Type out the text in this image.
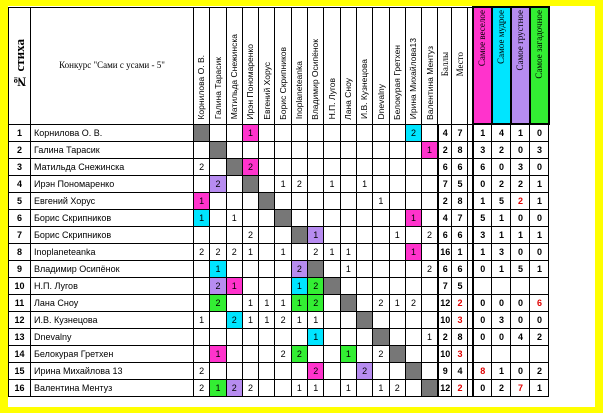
№ стиха	Конкурс "Сами с усами - 5"	Корнилова О. В.	Галина Тарасик	Матильда Снежинска	Ирэн Пономаренко	Евгений Хорус	Борис Скрипников	Inoplaneteanka	Владимир Осипёнок	Н.П. Лугов	Лана Сноу	И.В. Кузнецова	Dnevalny	Белокурая Гретхен	Ирина Михайлова13	Валентина Ментуз	Баллы	Место		Самое веселое	Самое мудрое	Самое грустное	Самое загадочное
1	Корнилова О. В.				1										2		4	7		1	4	1	0
2	Галина Тарасик															1	2	8		3	2	0	3
3	Матильда Снежинска	2			2												6	6		6	0	3	0
4	Ирэн Пономаренко		2				1	2		1		1					7	5		0	2	2	1
5	Евгений Хорус	1											1				2	8		1	5	2	1
6	Борис Скрипников	1		1											1		4	7		5	1	0	0
7	Борис Скрипников				2				1					1		2	6	6		3	1	1	1
8	Inoplaneteanka	2	2	2	1		1		2	1	1				1		16	1		1	3	0	0
9	Владимир Осипёнок		1					2			1					2	6	6		0	1	5	1
10	Н.П. Лугов		2	1				1	2								7	5					
11	Лана Сноу		2		1	1	1	1	2				2	1	2		12	2		0	0	0	6
12	И.В. Кузнецова	1		2	1	1	2	1	1								10	3		0	3	0	0
13	Dnevalny								1							1	2	8		0	0	4	2
14	Белокурая Гретхен		1				2	2			1		2				10	3					
15	Ирина Михайлова 13	2							2			2					9	4		8	1	0	2
16	Валентина Ментуз	2	1	2	2			1	1		1		1	2			12	2		0	2	7	1
